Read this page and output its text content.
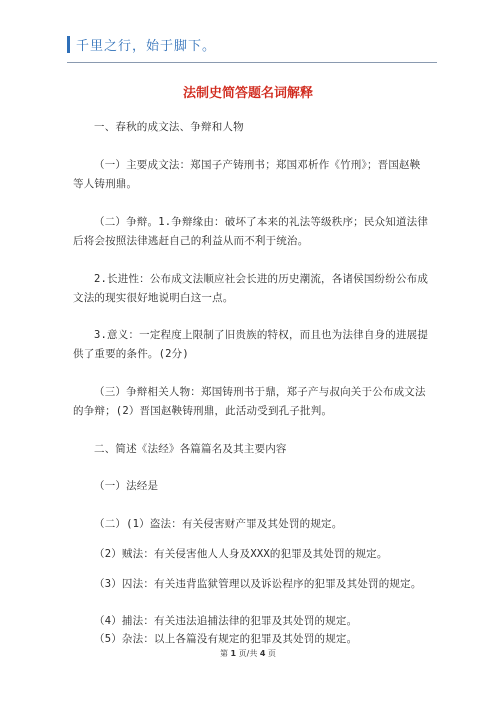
千里之行，始于脚下。
法制史简答题名词解释
一、春秋的成文法、争辩和人物
（一）主要成文法：郑国子产铸刑书；郑国邓析作《竹刑》；晋国赵鞅等人铸刑鼎。
（二）争辩。1.争辩缘由：破坏了本来的礼法等级秩序；民众知道法律后将会按照法律逃赶自己的利益从而不利于统治。
2.长进性：公布成文法顺应社会长进的历史潮流，各诸侯国纷纷公布成文法的现实很好地说明白这一点。
3.意义：一定程度上限制了旧贵族的特权，而且也为法律自身的进展提供了重要的条件。(2分)
（三）争辩相关人物：郑国铸刑书于鼎，郑子产与叔向关于公布成文法的争辩；(2）晋国赵鞅铸刑鼎，此活动受到孔子批判。
二、简述《法经》各篇篇名及其主要内容
（一）法经是
（二）(1）盗法：有关侵害财产罪及其处罚的规定。
（2）贼法：有关侵害他人人身及XXX的犯罪及其处罚的规定。
（3）囚法：有关违背监狱管理以及诉讼程序的犯罪及其处罚的规定。
第 1 页/共 4 页
（4）捕法：有关违法追捕法律的犯罪及其处罚的规定。
（5）杂法：以上各篇没有规定的犯罪及其处罚的规定。
